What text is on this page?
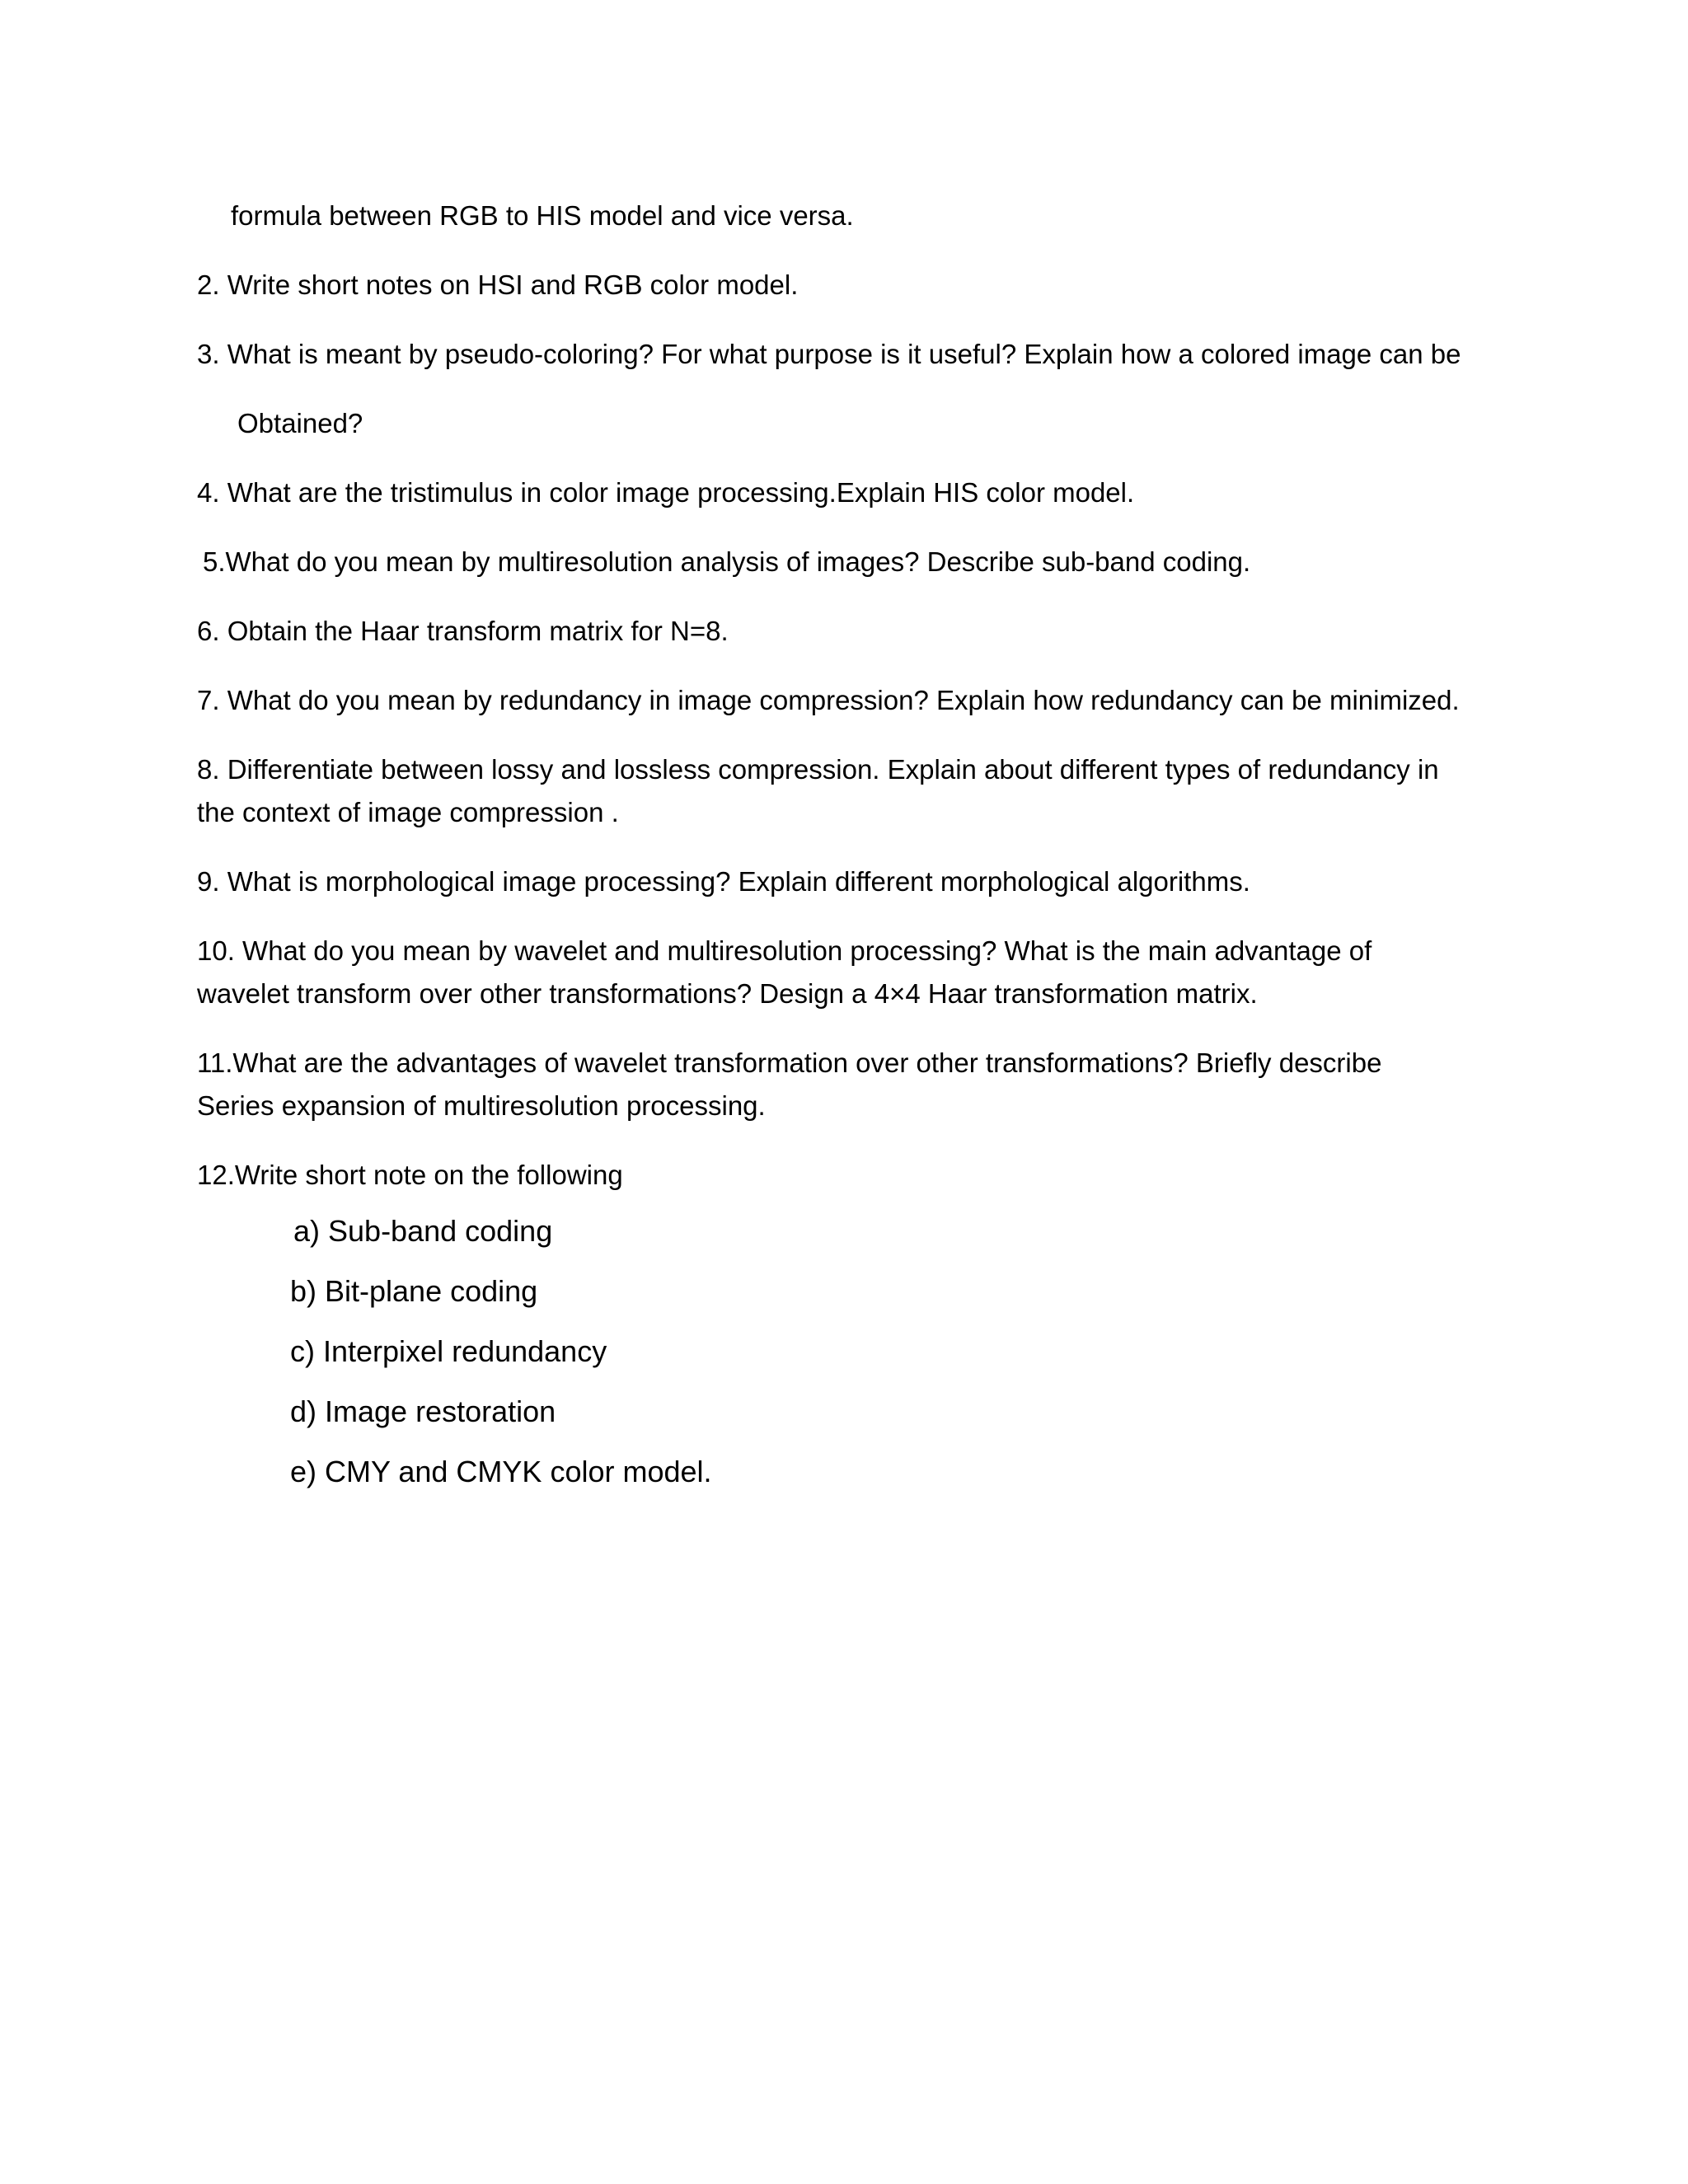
formula between RGB to HIS model and vice versa.

2. Write short notes on HSI and RGB color model.

3. What is meant by pseudo-coloring? For what purpose is it useful? Explain how a colored image can be

Obtained?

4. What are the tristimulus in color image processing.Explain HIS color model.

5.What do you mean by multiresolution analysis of images? Describe sub-band coding.

6. Obtain the Haar transform matrix for N=8.

7. What do you mean by redundancy in image compression? Explain how redundancy can be minimized.

8. Differentiate between lossy and lossless compression. Explain about different types of redundancy in

the context of image compression .

9. What is morphological image processing? Explain different morphological algorithms.

10. What do you mean by wavelet and multiresolution processing? What is the main advantage of

wavelet transform over other transformations? Design a 4×4 Haar transformation matrix.

11.What are the advantages of wavelet transformation over other transformations? Briefly describe

Series expansion of multiresolution processing.

12.Write short note on the following

a) Sub-band coding

b) Bit-plane coding

c) Interpixel redundancy

d) Image restoration

e) CMY and CMYK color model.
